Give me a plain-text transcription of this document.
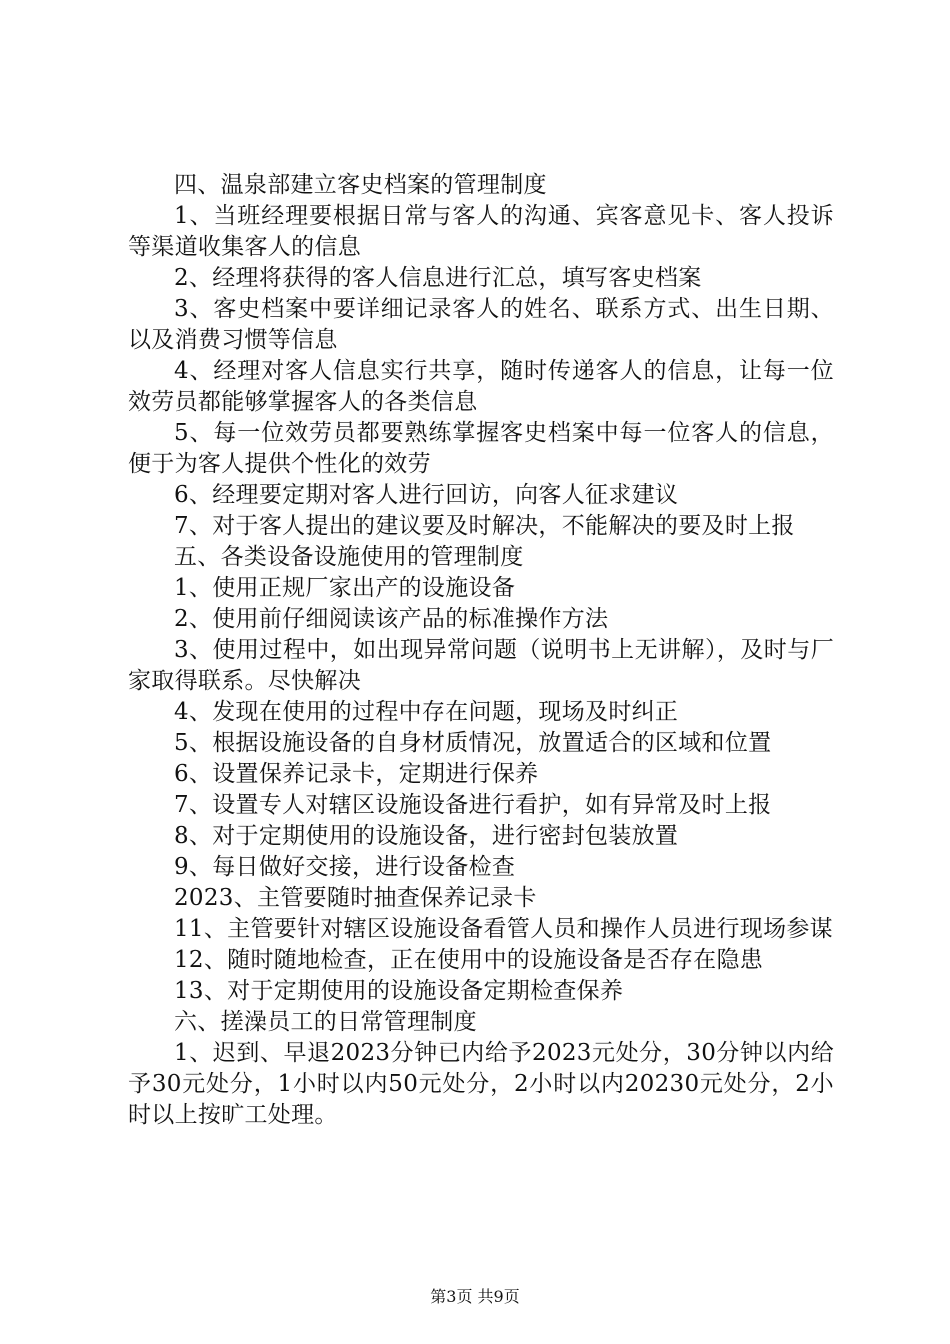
四、温泉部建立客史档案的管理制度

1、当班经理要根据日常与客人的沟通、宾客意见卡、客人投诉等渠道收集客人的信息

2、经理将获得的客人信息进行汇总，填写客史档案

3、客史档案中要详细记录客人的姓名、联系方式、出生日期、以及消费习惯等信息

4、经理对客人信息实行共享，随时传递客人的信息，让每一位效劳员都能够掌握客人的各类信息

5、每一位效劳员都要熟练掌握客史档案中每一位客人的信息，便于为客人提供个性化的效劳

6、经理要定期对客人进行回访，向客人征求建议

7、对于客人提出的建议要及时解决，不能解决的要及时上报

五、各类设备设施使用的管理制度

1、使用正规厂家出产的设施设备

2、使用前仔细阅读该产品的标准操作方法

3、使用过程中，如出现异常问题（说明书上无讲解），及时与厂家取得联系。尽快解决

4、发现在使用的过程中存在问题，现场及时纠正

5、根据设施设备的自身材质情况，放置适合的区域和位置

6、设置保养记录卡，定期进行保养

7、设置专人对辖区设施设备进行看护，如有异常及时上报

8、对于定期使用的设施设备，进行密封包装放置

9、每日做好交接，进行设备检查

2023、主管要随时抽查保养记录卡

11、主管要针对辖区设施设备看管人员和操作人员进行现场参谋

12、随时随地检查，正在使用中的设施设备是否存在隐患

13、对于定期使用的设施设备定期检查保养

六、搓澡员工的日常管理制度

1、迟到、早退2023分钟已内给予2023元处分，30分钟以内给予30元处分，1小时以内50元处分，2小时以内20230元处分，2小时以上按旷工处理。

第3页 共9页
